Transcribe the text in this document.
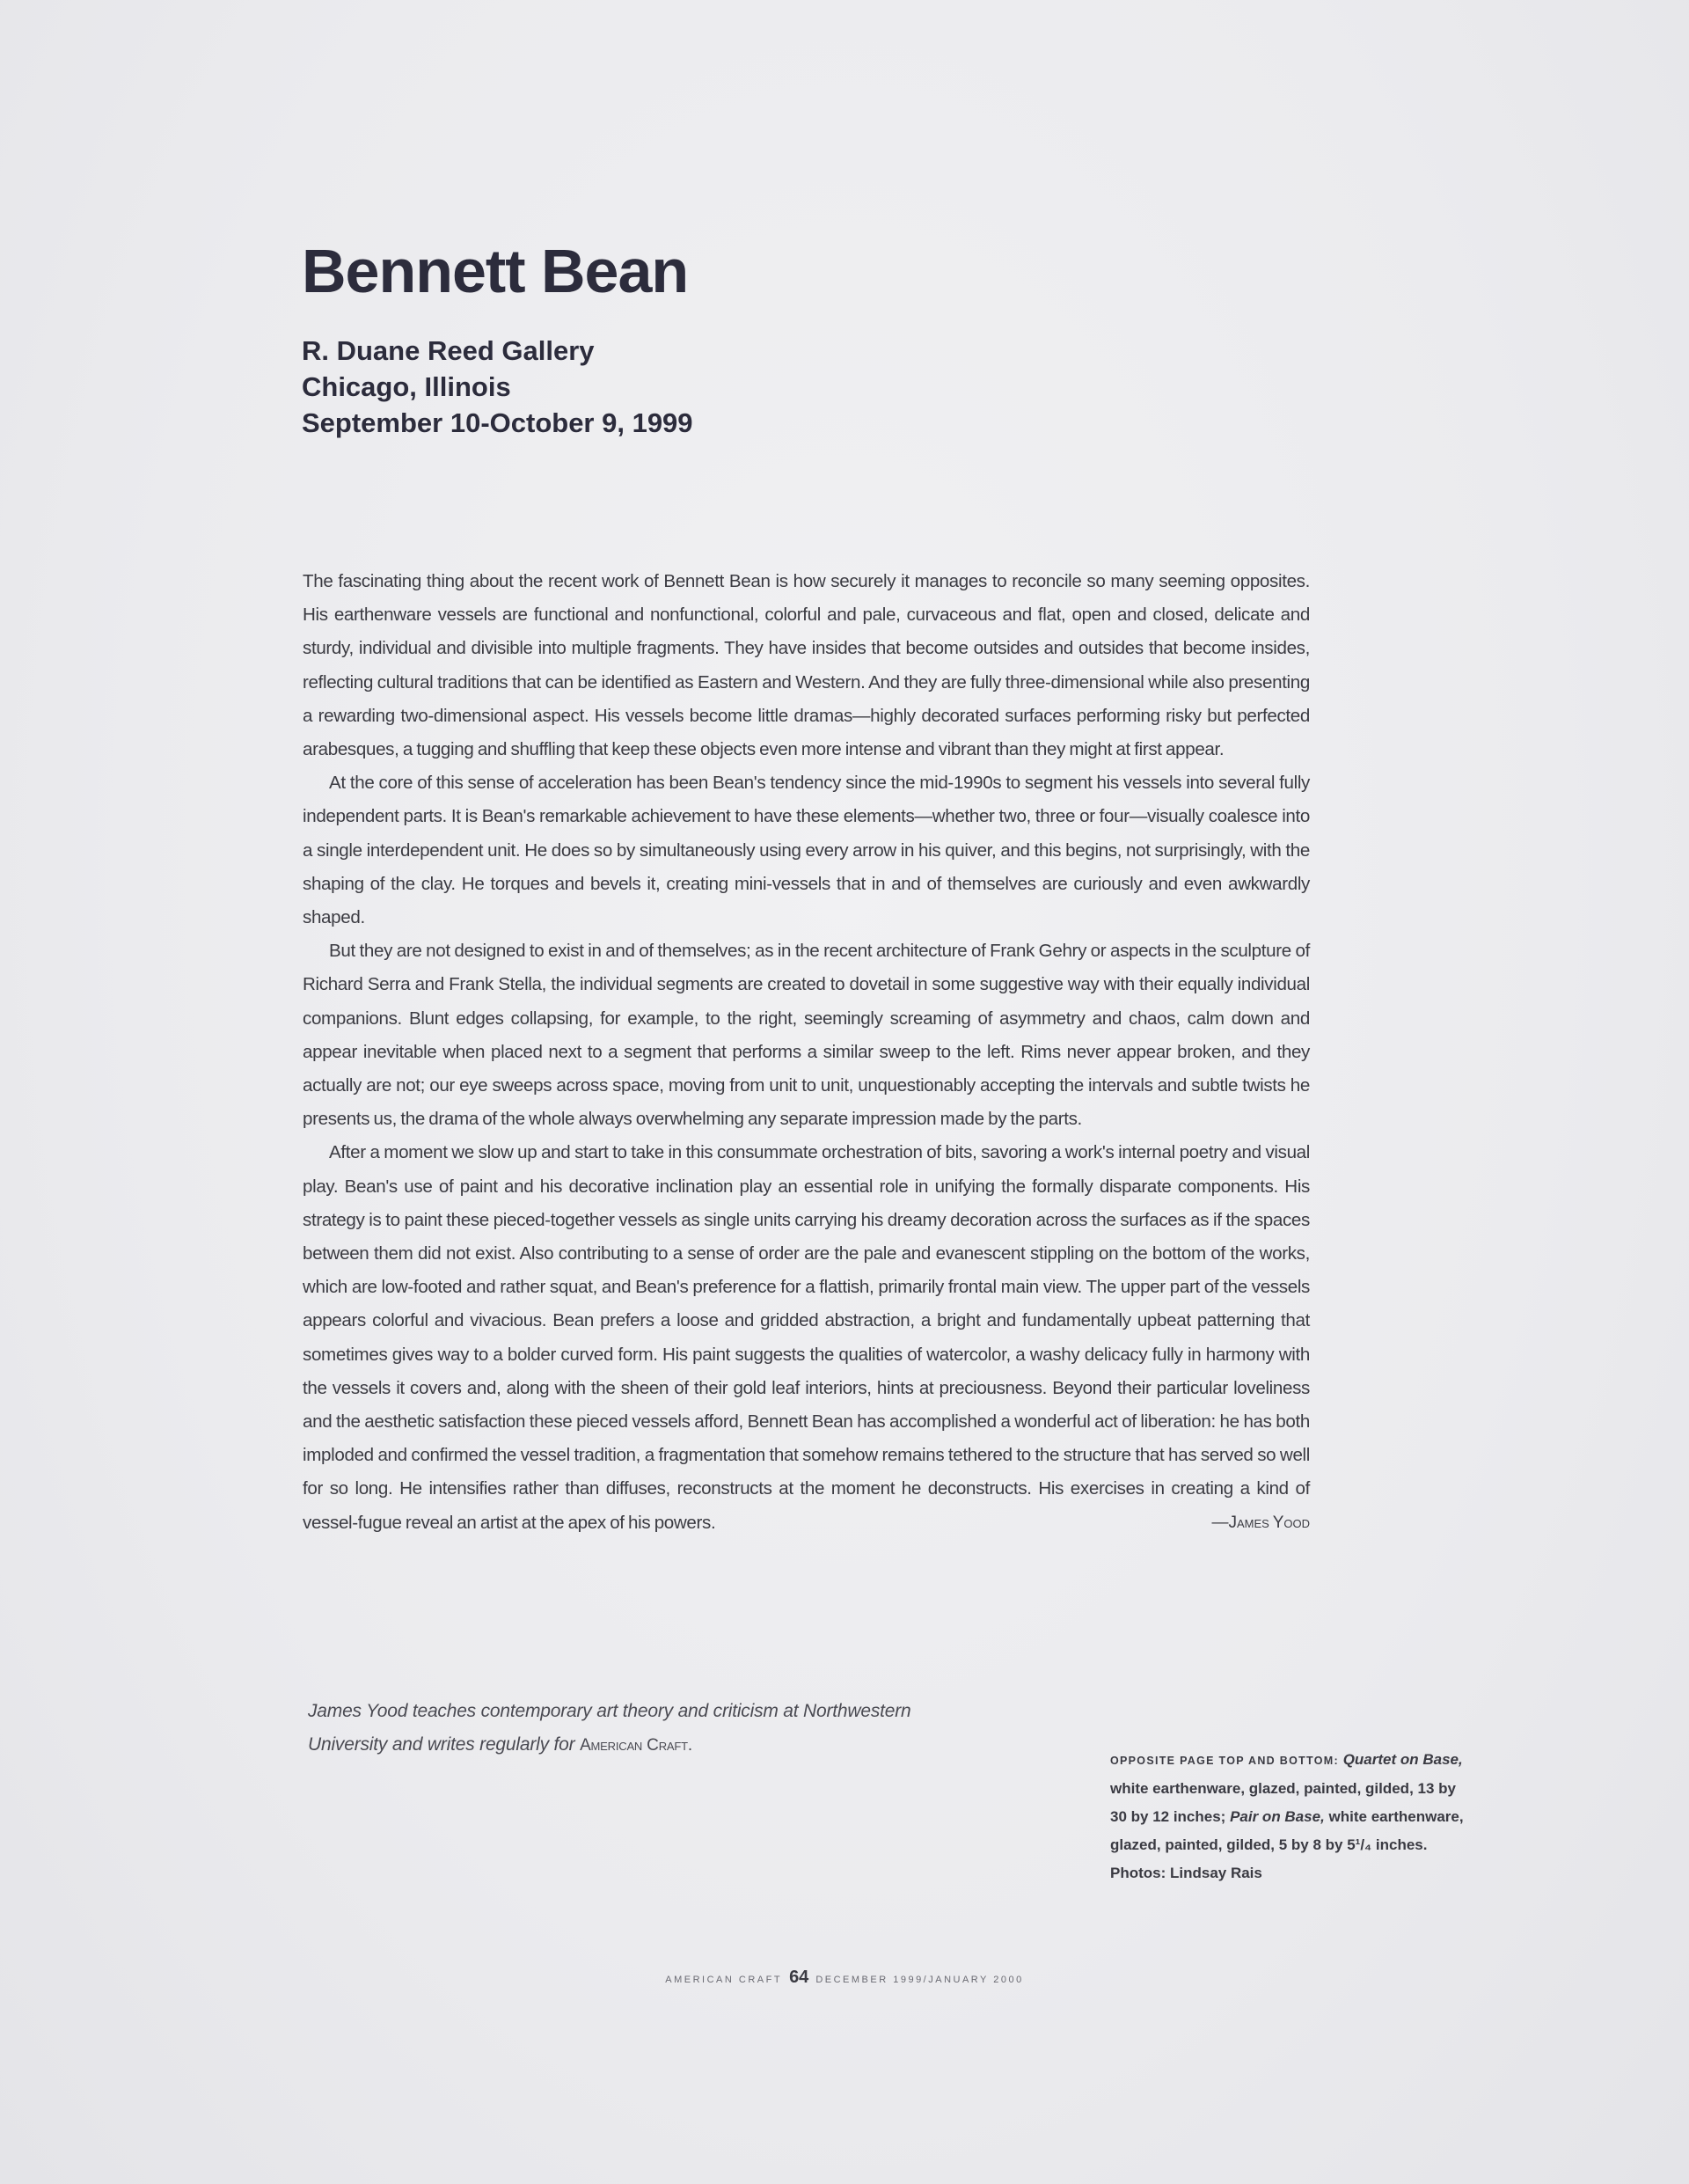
Bennett Bean
R. Duane Reed Gallery
Chicago, Illinois
September 10-October 9, 1999

The fascinating thing about the recent work of Bennett Bean is how securely it manages to reconcile so many seeming opposites. His earthenware vessels are functional and nonfunctional, colorful and pale, curvaceous and flat, open and closed, delicate and sturdy, individual and divisible into multiple fragments. They have insides that become outsides and outsides that become insides, reflecting cultural traditions that can be identified as Eastern and Western. And they are fully three-dimensional while also presenting a rewarding two-dimensional aspect. His vessels become little dramas—highly decorated surfaces performing risky but perfected arabesques, a tugging and shuffling that keep these objects even more intense and vibrant than they might at first appear.

At the core of this sense of acceleration has been Bean's tendency since the mid-1990s to segment his vessels into several fully independent parts. It is Bean's remarkable achievement to have these elements—whether two, three or four—visually coalesce into a single interdependent unit. He does so by simultaneously using every arrow in his quiver, and this begins, not surprisingly, with the shaping of the clay. He torques and bevels it, creating mini-vessels that in and of themselves are curiously and even awkwardly shaped.

But they are not designed to exist in and of themselves; as in the recent architecture of Frank Gehry or aspects in the sculpture of Richard Serra and Frank Stella, the individual segments are created to dovetail in some suggestive way with their equally individual companions. Blunt edges collapsing, for example, to the right, seemingly screaming of asymmetry and chaos, calm down and appear inevitable when placed next to a segment that performs a similar sweep to the left. Rims never appear broken, and they actually are not; our eye sweeps across space, moving from unit to unit, unquestionably accepting the intervals and subtle twists he presents us, the drama of the whole always overwhelming any separate impression made by the parts.

After a moment we slow up and start to take in this consummate orchestration of bits, savoring a work's internal poetry and visual play. Bean's use of paint and his decorative inclination play an essential role in unifying the formally disparate components. His strategy is to paint these pieced-together vessels as single units carrying his dreamy decoration across the surfaces as if the spaces between them did not exist. Also contributing to a sense of order are the pale and evanescent stippling on the bottom of the works, which are low-footed and rather squat, and Bean's preference for a flattish, primarily frontal main view. The upper part of the vessels appears colorful and vivacious. Bean prefers a loose and gridded abstraction, a bright and fundamentally upbeat patterning that sometimes gives way to a bolder curved form. His paint suggests the qualities of watercolor, a washy delicacy fully in harmony with the vessels it covers and, along with the sheen of their gold leaf interiors, hints at preciousness. Beyond their particular loveliness and the aesthetic satisfaction these pieced vessels afford, Bennett Bean has accomplished a wonderful act of liberation: he has both imploded and confirmed the vessel tradition, a fragmentation that somehow remains tethered to the structure that has served so well for so long. He intensifies rather than diffuses, reconstructs at the moment he deconstructs. His exercises in creating a kind of vessel-fugue reveal an artist at the apex of his powers.	—James Yood

James Yood teaches contemporary art theory and criticism at Northwestern University and writes regularly for American Craft.
OPPOSITE PAGE TOP AND BOTTOM: Quartet on Base, white earthenware, glazed, painted, gilded, 13 by 30 by 12 inches; Pair on Base, white earthenware, glazed, painted, gilded, 5 by 8 by 5¹/₄ inches. Photos: Lindsay Rais
AMERICAN CRAFT 64 DECEMBER 1999/JANUARY 2000
